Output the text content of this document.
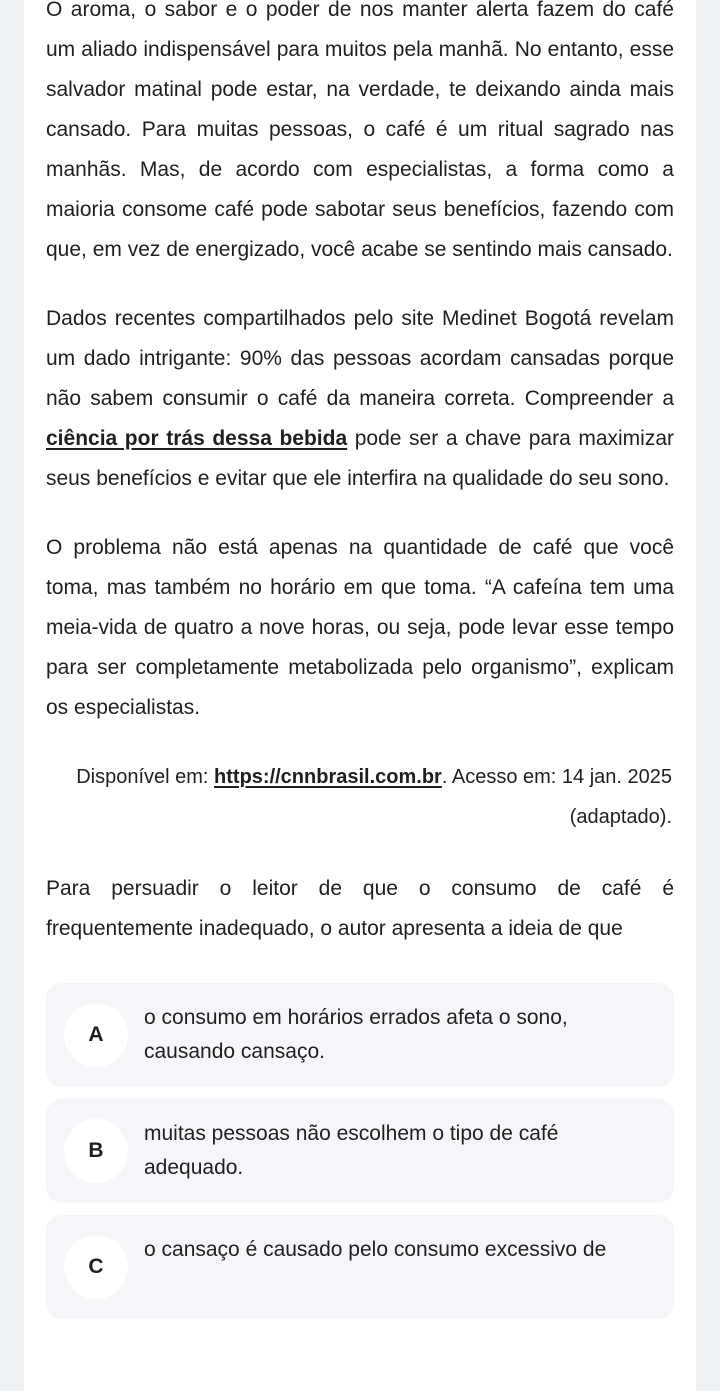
O aroma, o sabor e o poder de nos manter alerta fazem do café um aliado indispensável para muitos pela manhã. No entanto, esse salvador matinal pode estar, na verdade, te deixando ainda mais cansado. Para muitas pessoas, o café é um ritual sagrado nas manhãs. Mas, de acordo com especialistas, a forma como a maioria consome café pode sabotar seus benefícios, fazendo com que, em vez de energizado, você acabe se sentindo mais cansado.

Dados recentes compartilhados pelo site Medinet Bogotá revelam um dado intrigante: 90% das pessoas acordam cansadas porque não sabem consumir o café da maneira correta. Compreender a ciência por trás dessa bebida pode ser a chave para maximizar seus benefícios e evitar que ele interfira na qualidade do seu sono.

O problema não está apenas na quantidade de café que você toma, mas também no horário em que toma. “A cafeína tem uma meia-vida de quatro a nove horas, ou seja, pode levar esse tempo para ser completamente metabolizada pelo organismo”, explicam os especialistas.

Disponível em: https://cnnbrasil.com.br. Acesso em: 14 jan. 2025 (adaptado).

Para persuadir o leitor de que o consumo de café é frequentemente inadequado, o autor apresenta a ideia de que

A
o consumo em horários errados afeta o sono, causando cansaço.
B
muitas pessoas não escolhem o tipo de café adequado.
C
o cansaço é causado pelo consumo excessivo de
